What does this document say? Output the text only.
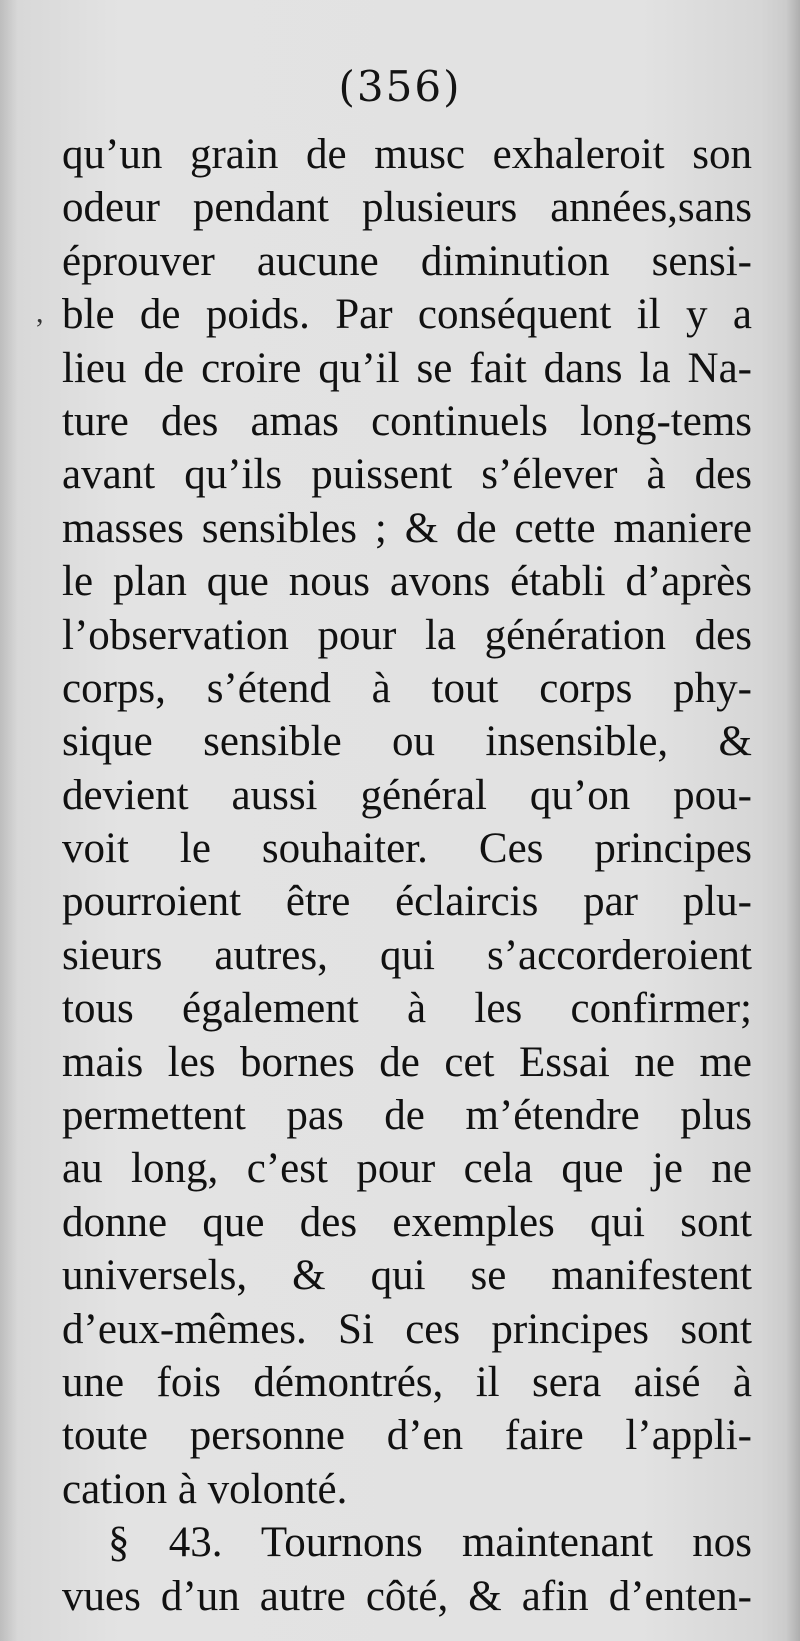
(356)
,
qu’un grain de musc exhaleroit son
odeur pendant plusieurs années,sans
éprouver aucune diminution sensi-
ble de poids. Par conséquent il y a
lieu de croire qu’il se fait dans la Na-
ture des amas continuels long-tems
avant qu’ils puissent s’élever à des
masses sensibles ; & de cette maniere
le plan que nous avons établi d’après
l’observation pour la génération des
corps, s’étend à tout corps phy-
sique sensible ou insensible, &
devient aussi général qu’on pou-
voit le souhaiter. Ces principes
pourroient être éclaircis par plu-
sieurs autres, qui s’accorderoient
tous également à les confirmer;
mais les bornes de cet Essai ne me
permettent pas de m’étendre plus
au long, c’est pour cela que je ne
donne que des exemples qui sont
universels, & qui se manifestent
d’eux-mêmes. Si ces principes sont
une fois démontrés, il sera aisé à
toute personne d’en faire l’appli-
cation à volonté.
§ 43. Tournons maintenant nos
vues d’un autre côté, & afin d’enten-
